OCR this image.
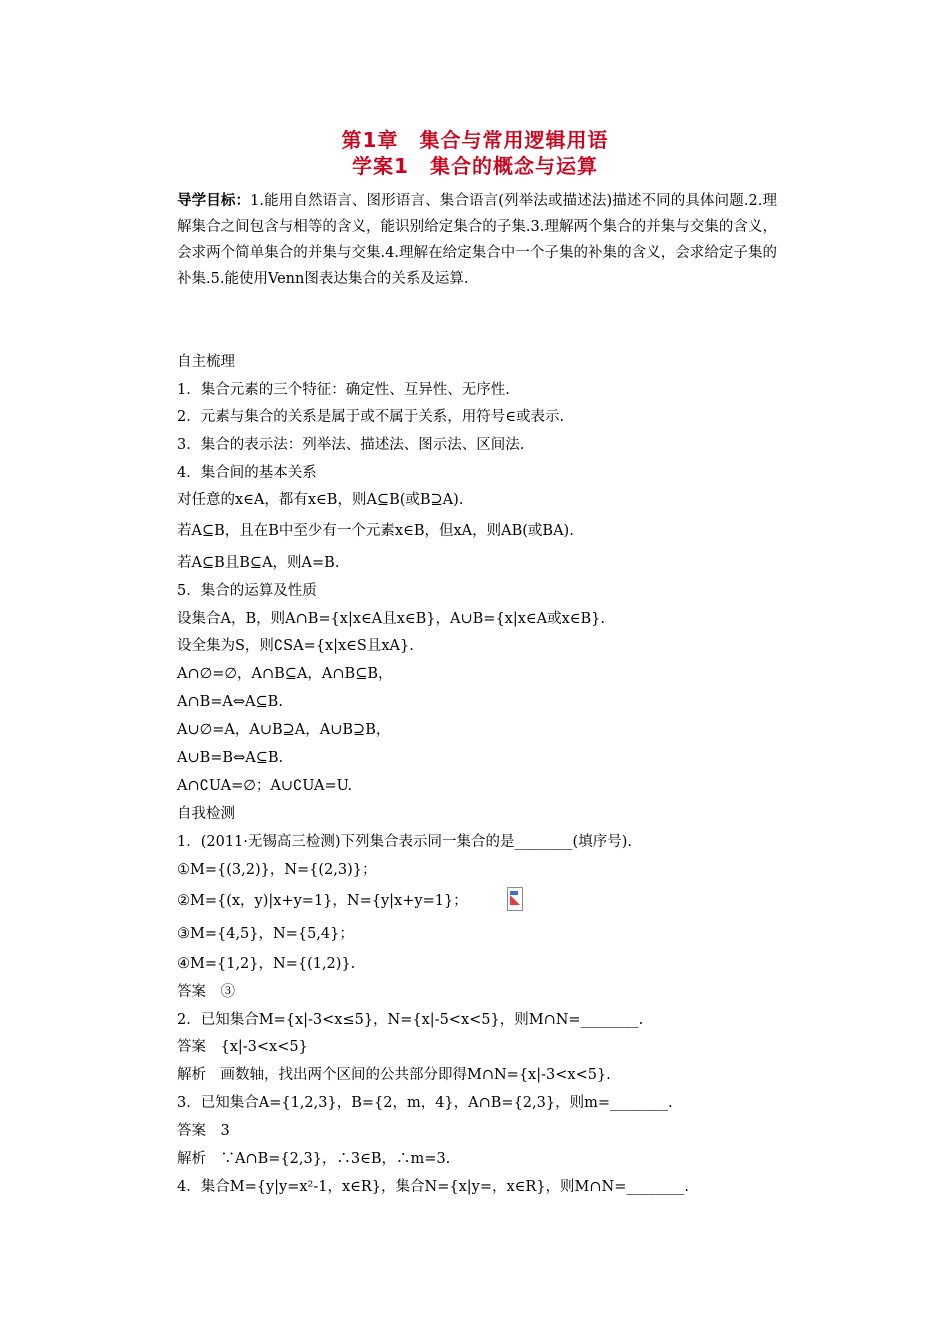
第1章　集合与常用逻辑用语
学案1　集合的概念与运算
导学目标：1.能用自然语言、图形语言、集合语言(列举法或描述法)描述不同的具体问题.2.理解集合之间包含与相等的含义，能识别给定集合的子集.3.理解两个集合的并集与交集的含义，会求两个简单集合的并集与交集.4.理解在给定集合中一个子集的补集的含义，会求给定子集的补集.5.能使用Venn图表达集合的关系及运算.
自主梳理
1．集合元素的三个特征：确定性、互异性、无序性.
2．元素与集合的关系是属于或不属于关系，用符号∈或表示.
3．集合的表示法：列举法、描述法、图示法、区间法.
4．集合间的基本关系
对任意的x∈A，都有x∈B，则A⊆B(或B⊇A).
若A⊆B，且在B中至少有一个元素x∈B，但xA，则AB(或BA).
若A⊆B且B⊆A，则A=B.
5．集合的运算及性质
设集合A，B，则A∩B={x|x∈A且x∈B}，A∪B={x|x∈A或x∈B}.
设全集为S，则∁SA={x|x∈S且xA}.
A∩∅=∅，A∩B⊆A，A∩B⊆B，
A∩B=A⇔A⊆B.
A∪∅=A，A∪B⊇A，A∪B⊇B，
A∪B=B⇔A⊆B.
A∩∁UA=∅；A∪∁UA=U.
自我检测
1．(2011·无锡高三检测)下列集合表示同一集合的是________(填序号).
①M={(3,2)}，N={(2,3)}；
②M={(x，y)|x+y=1}，N={y|x+y=1}；
③M={4,5}，N={5,4}；
④M={1,2}，N={(1,2)}.
答案　③
2．已知集合M={x|-3<x≤5}，N={x|-5<x<5}，则M∩N=________.
答案　{x|-3<x<5}
解析　画数轴，找出两个区间的公共部分即得M∩N={x|-3<x<5}.
3．已知集合A={1,2,3}，B={2，m，4}，A∩B={2,3}，则m=________.
答案　3
解析　∵A∩B={2,3}，∴3∈B，∴m=3.
4．集合M={y|y=x²-1，x∈R}，集合N={x|y=，x∈R}，则M∩N=________.
